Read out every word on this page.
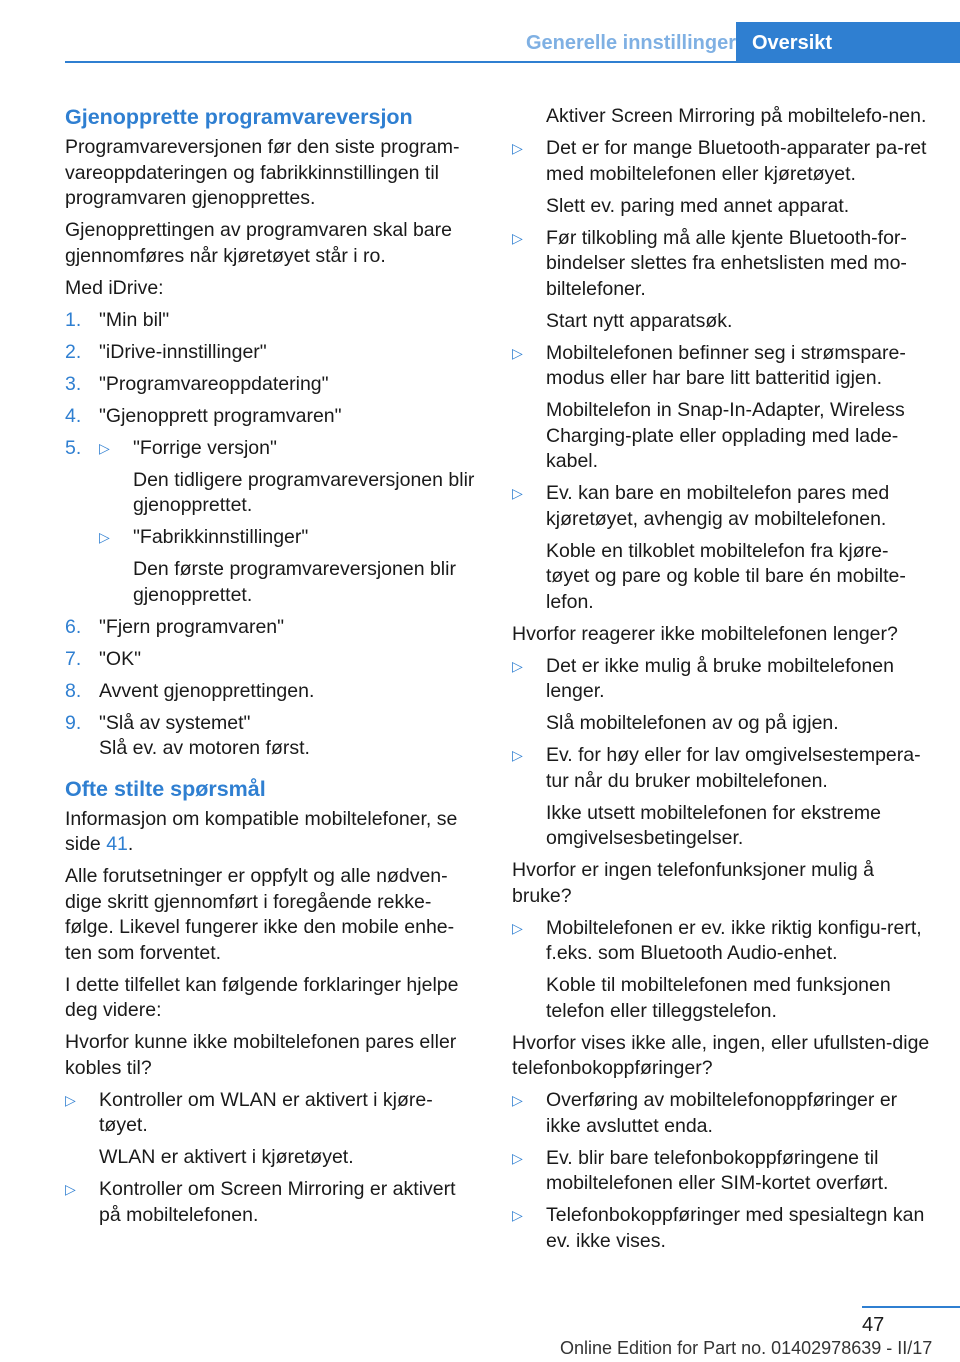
Generelle innstillinger Oversikt
Gjenopprette programvareversjon

Programvareversjonen før den siste program-vareoppdateringen og fabrikkinnstillingen til programvaren gjenopprettes.

Gjenopprettingen av programvaren skal bare gjennomføres når kjøretøyet står i ro.

Med iDrive:

1. "Min bil"
2. "iDrive-innstillinger"
3. "Programvareoppdatering"
4. "Gjenopprett programvaren"
5. ▷ "Forrige versjon"
Den tidligere programvareversjonen blir gjenopprettet.
▷ "Fabrikkinnstillinger"
Den første programvareversjonen blir gjenopprettet.
6. "Fjern programvaren"
7. "OK"
8. Avvent gjenopprettingen.
9. "Slå av systemet"
Slå ev. av motoren først.
Ofte stilte spørsmål

Informasjon om kompatible mobiltelefoner, se side 41.

Alle forutsetninger er oppfylt og alle nødven-dige skritt gjennomført i foregående rekke-følge. Likevel fungerer ikke den mobile enhe-ten som forventet.

I dette tilfellet kan følgende forklaringer hjelpe deg videre:

Hvorfor kunne ikke mobiltelefonen pares eller kobles til?

▷ Kontroller om WLAN er aktivert i kjøre-tøyet.
WLAN er aktivert i kjøretøyet.
▷ Kontroller om Screen Mirroring er aktivert på mobiltelefonen.
Aktiver Screen Mirroring på mobiltelefo-nen.
▷ Det er for mange Bluetooth-apparater pa-ret med mobiltelefonen eller kjøretøyet.
Slett ev. paring med annet apparat.
▷ Før tilkobling må alle kjente Bluetooth-for-bindelser slettes fra enhetslisten med mo-biltelefoner.
Start nytt apparatsøk.
▷ Mobiltelefonen befinner seg i strømspare-modus eller har bare litt batteritid igjen.
Mobiltelefon in Snap-In-Adapter, Wireless Charging-plate eller opplading med lade-kabel.
▷ Ev. kan bare en mobiltelefon pares med kjøretøyet, avhengig av mobiltelefonen.
Koble en tilkoblet mobiltelefon fra kjøre-tøyet og pare og koble til bare én mobilte-lefon.

Hvorfor reagerer ikke mobiltelefonen lenger?

▷ Det er ikke mulig å bruke mobiltelefonen lenger.
Slå mobiltelefonen av og på igjen.
▷ Ev. for høy eller for lav omgivelsestempera-tur når du bruker mobiltelefonen.
Ikke utsett mobiltelefonen for ekstreme omgivelsesbetingelser.

Hvorfor er ingen telefonfunksjoner mulig å bruke?

▷ Mobiltelefonen er ev. ikke riktig konfigu-rert, f.eks. som Bluetooth Audio-enhet.
Koble til mobiltelefonen med funksjonen telefon eller tilleggstelefon.

Hvorfor vises ikke alle, ingen, eller ufullsten-dige telefonbokoppføringer?

▷ Overføring av mobiltelefonoppføringer er ikke avsluttet enda.
▷ Ev. blir bare telefonbokoppføringene til mobiltelefonen eller SIM-kortet overført.
▷ Telefonbokoppføringer med spesialtegn kan ev. ikke vises.
47
Online Edition for Part no. 01402978639 - II/17
